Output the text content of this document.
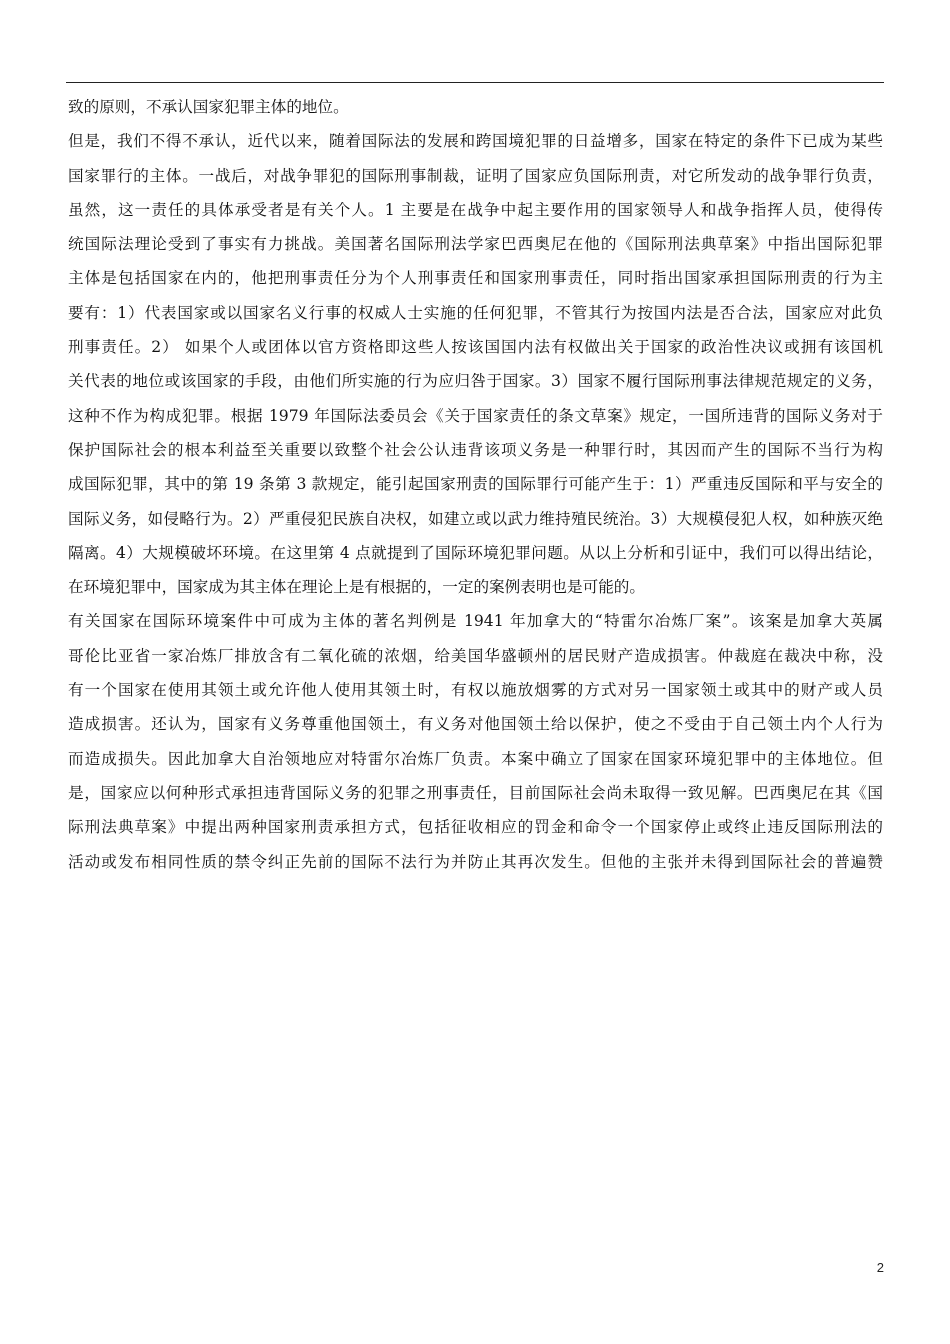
致的原则，不承认国家犯罪主体的地位。
但是，我们不得不承认，近代以来，随着国际法的发展和跨国境犯罪的日益增多，国家在特定的条件下已成为某些
国家罪行的主体。一战后，对战争罪犯的国际刑事制裁，证明了国家应负国际刑责，对它所发动的战争罪行负责，
虽然，这一责任的具体承受者是有关个人。1 主要是在战争中起主要作用的国家领导人和战争指挥人员，使得传
统国际法理论受到了事实有力挑战。美国著名国际刑法学家巴西奥尼在他的《国际刑法典草案》中指出国际犯罪
主体是包括国家在内的，他把刑事责任分为个人刑事责任和国家刑事责任，同时指出国家承担国际刑责的行为主
要有：1）代表国家或以国家名义行事的权威人士实施的任何犯罪，不管其行为按国内法是否合法，国家应对此负
刑事责任。2） 如果个人或团体以官方资格即这些人按该国国内法有权做出关于国家的政治性决议或拥有该国机
关代表的地位或该国家的手段，由他们所实施的行为应归咎于国家。3）国家不履行国际刑事法律规范规定的义务，
这种不作为构成犯罪。根据 1979 年国际法委员会《关于国家责任的条文草案》规定，一国所违背的国际义务对于
保护国际社会的根本利益至关重要以致整个社会公认违背该项义务是一种罪行时，其因而产生的国际不当行为构
成国际犯罪，其中的第 19 条第 3 款规定，能引起国家刑责的国际罪行可能产生于：1）严重违反国际和平与安全的
国际义务，如侵略行为。2）严重侵犯民族自决权，如建立或以武力维持殖民统治。3）大规模侵犯人权，如种族灭绝
隔离。4）大规模破坏环境。在这里第 4 点就提到了国际环境犯罪问题。从以上分析和引证中，我们可以得出结论，
在环境犯罪中，国家成为其主体在理论上是有根据的，一定的案例表明也是可能的。
有关国家在国际环境案件中可成为主体的著名判例是 1941 年加拿大的“特雷尔冶炼厂案”。该案是加拿大英属
哥伦比亚省一家冶炼厂排放含有二氧化硫的浓烟，给美国华盛顿州的居民财产造成损害。仲裁庭在裁决中称，没
有一个国家在使用其领土或允许他人使用其领土时，有权以施放烟雾的方式对另一国家领土或其中的财产或人员
造成损害。还认为，国家有义务尊重他国领土，有义务对他国领土给以保护，使之不受由于自己领土内个人行为
而造成损失。因此加拿大自治领地应对特雷尔冶炼厂负责。本案中确立了国家在国家环境犯罪中的主体地位。但
是，国家应以何种形式承担违背国际义务的犯罪之刑事责任，目前国际社会尚未取得一致见解。巴西奥尼在其《国
际刑法典草案》中提出两种国家刑责承担方式，包括征收相应的罚金和命令一个国家停止或终止违反国际刑法的
活动或发布相同性质的禁令纠正先前的国际不法行为并防止其再次发生。但他的主张并未得到国际社会的普遍赞
2
